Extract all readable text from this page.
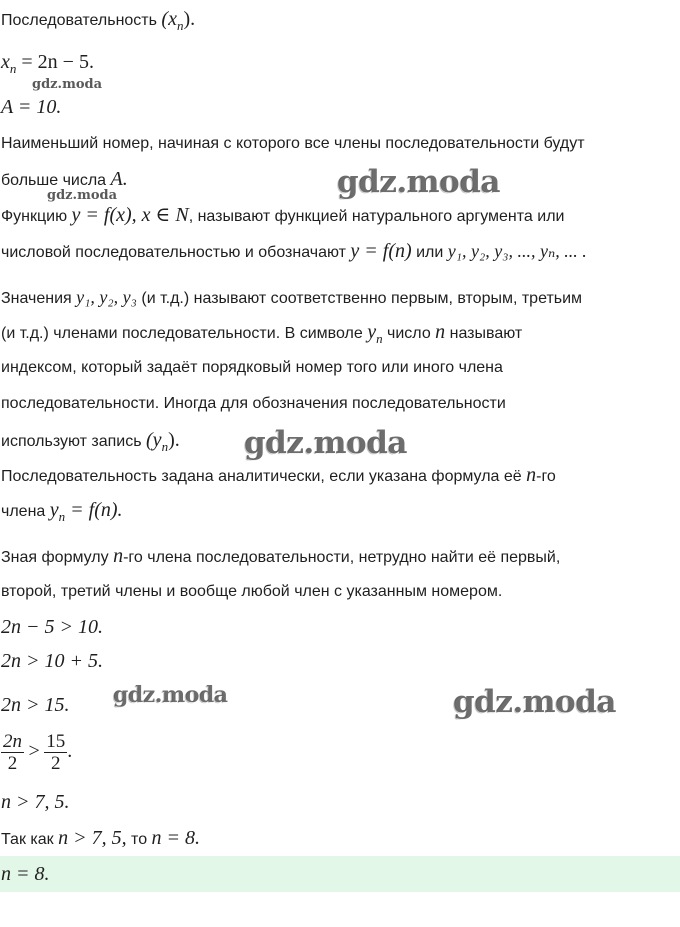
Последовательность $(x_n)$.
$x_n = 2n - 5$.
gdz.moda
A = 10.
Наименьший номер, начиная с которого все члены последовательности будут
больше числа A.	gdz.moda
gdz.moda
Функцию y = f(x), x ∈ N, называют функцией натурального аргумента или
числовой последовательностью и обозначают y = f(n) или y₁, y₂, y₃, ..., yₙ, ... .
Значения y₁, y₂, y₃ (и т.д.) называют соответственно первым, вторым, третьим
(и т.д.) членами последовательности. В символе $y_n$ число n называют
индексом, который задаёт порядковый номер того или иного члена
последовательности. Иногда для обозначения последовательности
используют запись $(y_n)$. gdz.moda
Последовательность задана аналитически, если указана формула её n-го
члена $y_n = f(n)$.
Зная формулу n-го члена последовательности, нетрудно найти её первый,
второй, третий члены и вообще любой член с указанным номером.
2n − 5 > 10.
2n > 10 + 5.
2n > 15. gdz.moda	gdz.moda
$\frac{2n}{2} > \frac{15}{2}$ .
n > 7, 5.
Так как n > 7, 5, то n = 8.
n = 8.
